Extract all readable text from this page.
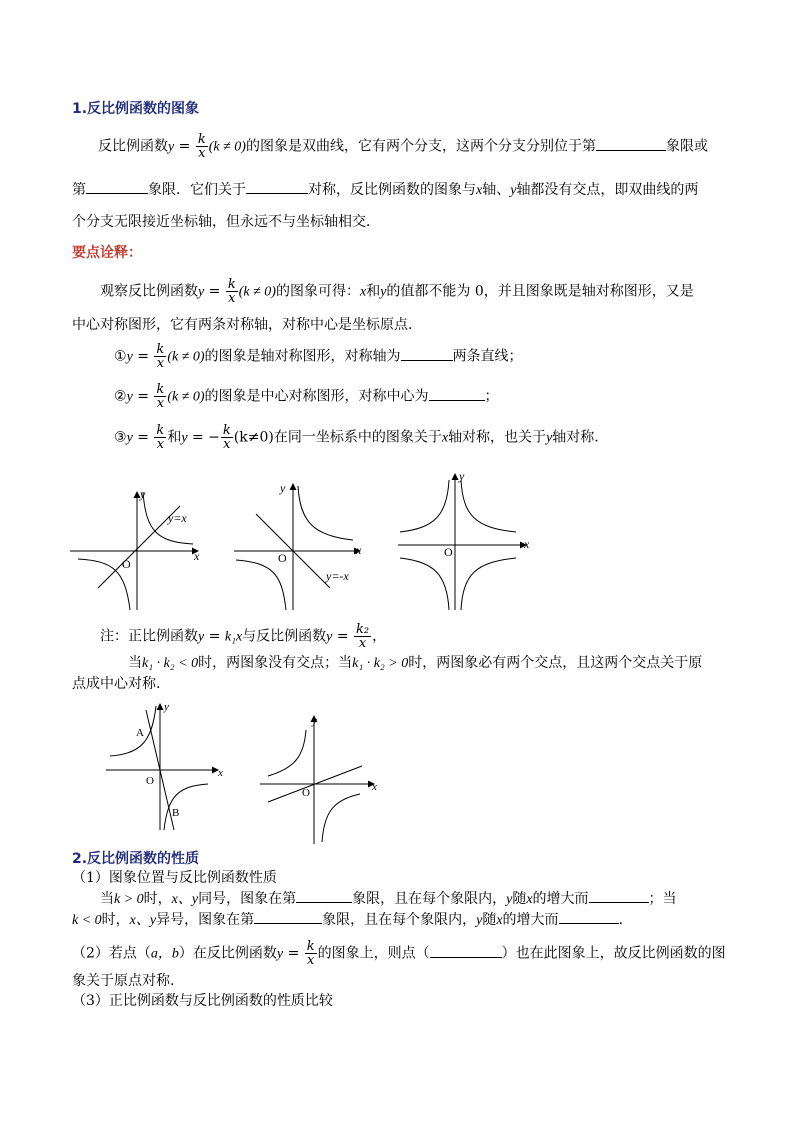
1.反比例函数的图象
反比例函数$y = \frac{k}{x} (k \ne 0)$的图象是双曲线，它有两个分支，这两个分支分别位于第	象限或
第	象限．它们关于	对称，反比例函数的图象与x轴、y轴都没有交点，即双曲线的两
个分支无限接近坐标轴，但永远不与坐标轴相交．
要点诠释：
观察反比例函数$y = \frac{k}{x} (k \ne 0)$的图象可得：x和y的值都不能为 0，并且图象既是轴对称图形，又是
中心对称图形，它有两条对称轴，对称中心是坐标原点．
①y = $\frac{k}{x} (k \ne 0)$的图象是轴对称图形，对称轴为	两条直线；
②y = $\frac{k}{x} (k \ne 0)$的图象是中心对称图形，对称中心为	；
③y = $\frac{k}{x}$ 和y = − $\frac{k}{x} (k\ne 0)$在同一坐标系中的图象关于x轴对称，也关于y轴对称.
y
x
y=x
O
y
x
y=-x
O
y
x
O
注：正比例函数y = k₁x与反比例函数$y = \frac{\text{k₂}}{x}$ ，
当k₁ · k₂ < 0时，两图象没有交点；当k₁ · k₂ > 0时，两图象必有两个交点，且这两个交点关于原
点成中心对称.
y
x
O
A
B
y
x
O
2.反比例函数的性质
（1）图象位置与反比例函数性质
当k > 0时，x、y同号，图象在第	象限，且在每个象限内，y随x的增大而	；当
k < 0时，x、y异号，图象在第	象限，且在每个象限内，y随x的增大而	.
（2）若点（a，b）在反比例函数$y = \frac{k}{x}$ 的图象上，则点（	）也在此图象上，故反比例函数的图
象关于原点对称.
（3）正比例函数与反比例函数的性质比较
